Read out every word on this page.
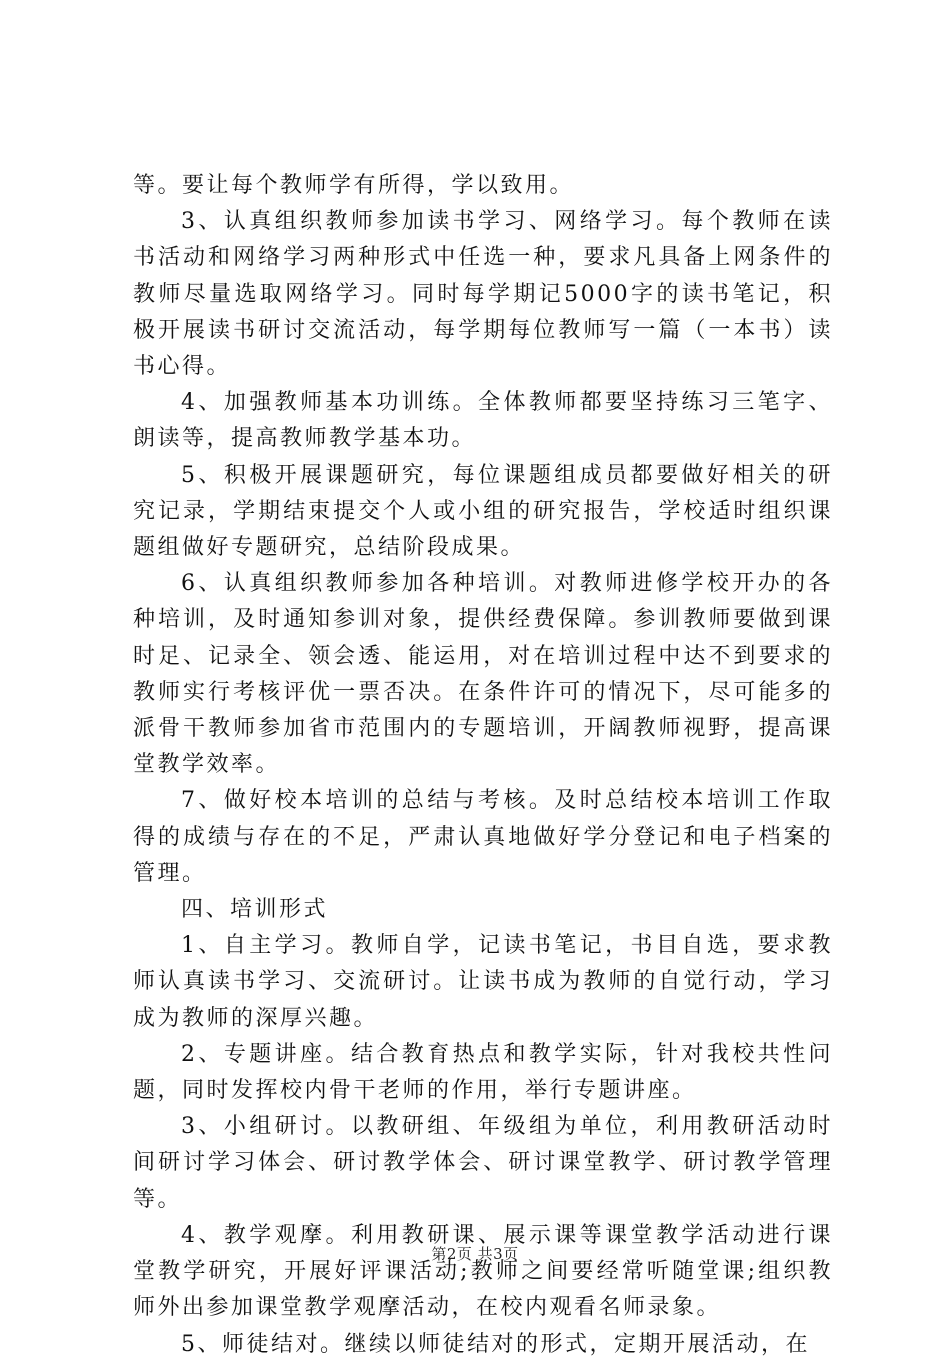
等。要让每个教师学有所得，学以致用。

3、认真组织教师参加读书学习、网络学习。每个教师在读书活动和网络学习两种形式中任选一种，要求凡具备上网条件的教师尽量选取网络学习。同时每学期记5000字的读书笔记，积极开展读书研讨交流活动，每学期每位教师写一篇（一本书）读书心得。

4、加强教师基本功训练。全体教师都要坚持练习三笔字、朗读等，提高教师教学基本功。

5、积极开展课题研究，每位课题组成员都要做好相关的研究记录，学期结束提交个人或小组的研究报告，学校适时组织课题组做好专题研究，总结阶段成果。

6、认真组织教师参加各种培训。对教师进修学校开办的各种培训，及时通知参训对象，提供经费保障。参训教师要做到课时足、记录全、领会透、能运用，对在培训过程中达不到要求的教师实行考核评优一票否决。在条件许可的情况下，尽可能多的派骨干教师参加省市范围内的专题培训，开阔教师视野，提高课堂教学效率。

7、做好校本培训的总结与考核。及时总结校本培训工作取得的成绩与存在的不足，严肃认真地做好学分登记和电子档案的管理。

四、培训形式

1、自主学习。教师自学，记读书笔记，书目自选，要求教师认真读书学习、交流研讨。让读书成为教师的自觉行动，学习成为教师的深厚兴趣。

2、专题讲座。结合教育热点和教学实际，针对我校共性问题，同时发挥校内骨干老师的作用，举行专题讲座。

3、小组研讨。以教研组、年级组为单位，利用教研活动时间研讨学习体会、研讨教学体会、研讨课堂教学、研讨教学管理等。

4、教学观摩。利用教研课、展示课等课堂教学活动进行课堂教学研究，开展好评课活动;教师之间要经常听随堂课;组织教师外出参加课堂教学观摩活动，在校内观看名师录象。

5、师徒结对。继续以师徒结对的形式，定期开展活动，在

第2页 共3页
